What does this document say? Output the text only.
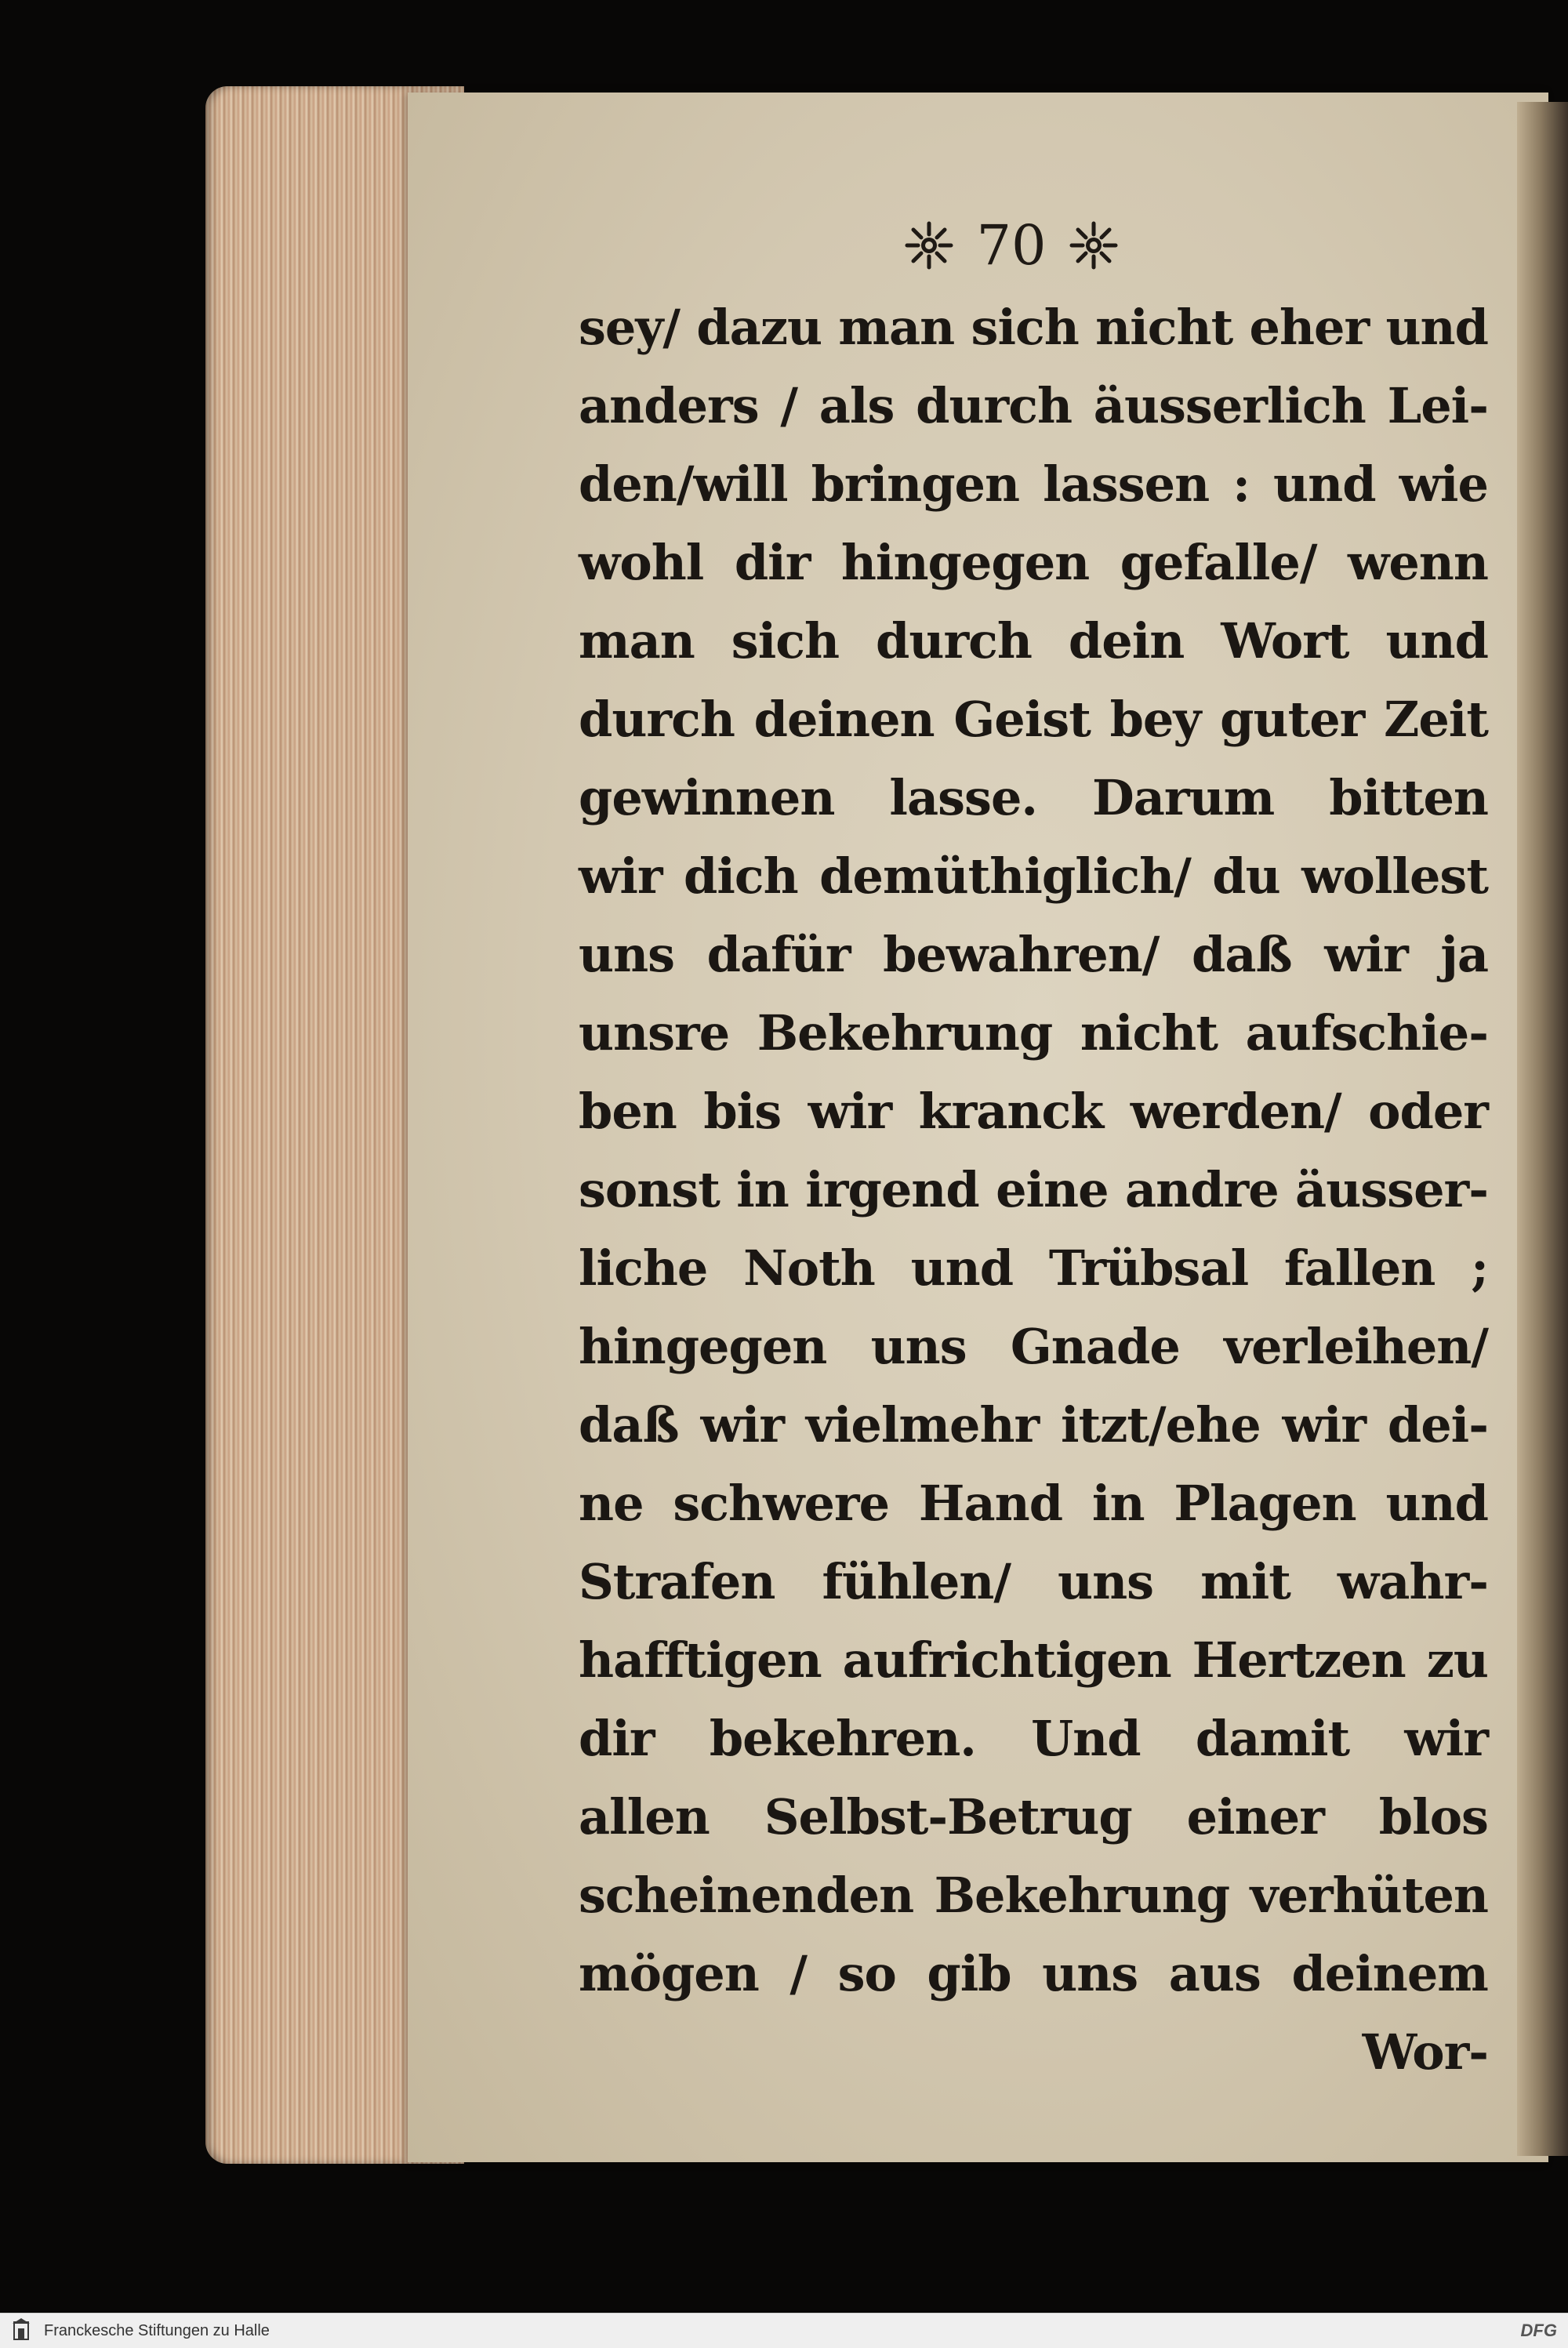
70
sey/ dazu man sich nicht eher und
anders / als durch äusserlich Lei-
den/will bringen lassen : und wie
wohl dir hingegen gefalle/ wenn
man sich durch dein Wort und
durch deinen Geist bey guter Zeit
gewinnen lasse. Darum bitten
wir dich demüthiglich/ du wollest
uns dafür bewahren/ daß wir ja
unsre Bekehrung nicht aufschie-
ben bis wir kranck werden/ oder
sonst in irgend eine andre äusser-
liche Noth und Trübsal fallen ;
hingegen uns Gnade verleihen/
daß wir vielmehr itzt/ehe wir dei-
ne schwere Hand in Plagen und
Strafen fühlen/ uns mit wahr-
hafftigen aufrichtigen Hertzen zu
dir bekehren. Und damit wir
allen Selbst-Betrug einer blos
scheinenden Bekehrung verhüten
mögen / so gib uns aus deinem
Wor-
Franckesche Stiftungen zu Halle	DFG
